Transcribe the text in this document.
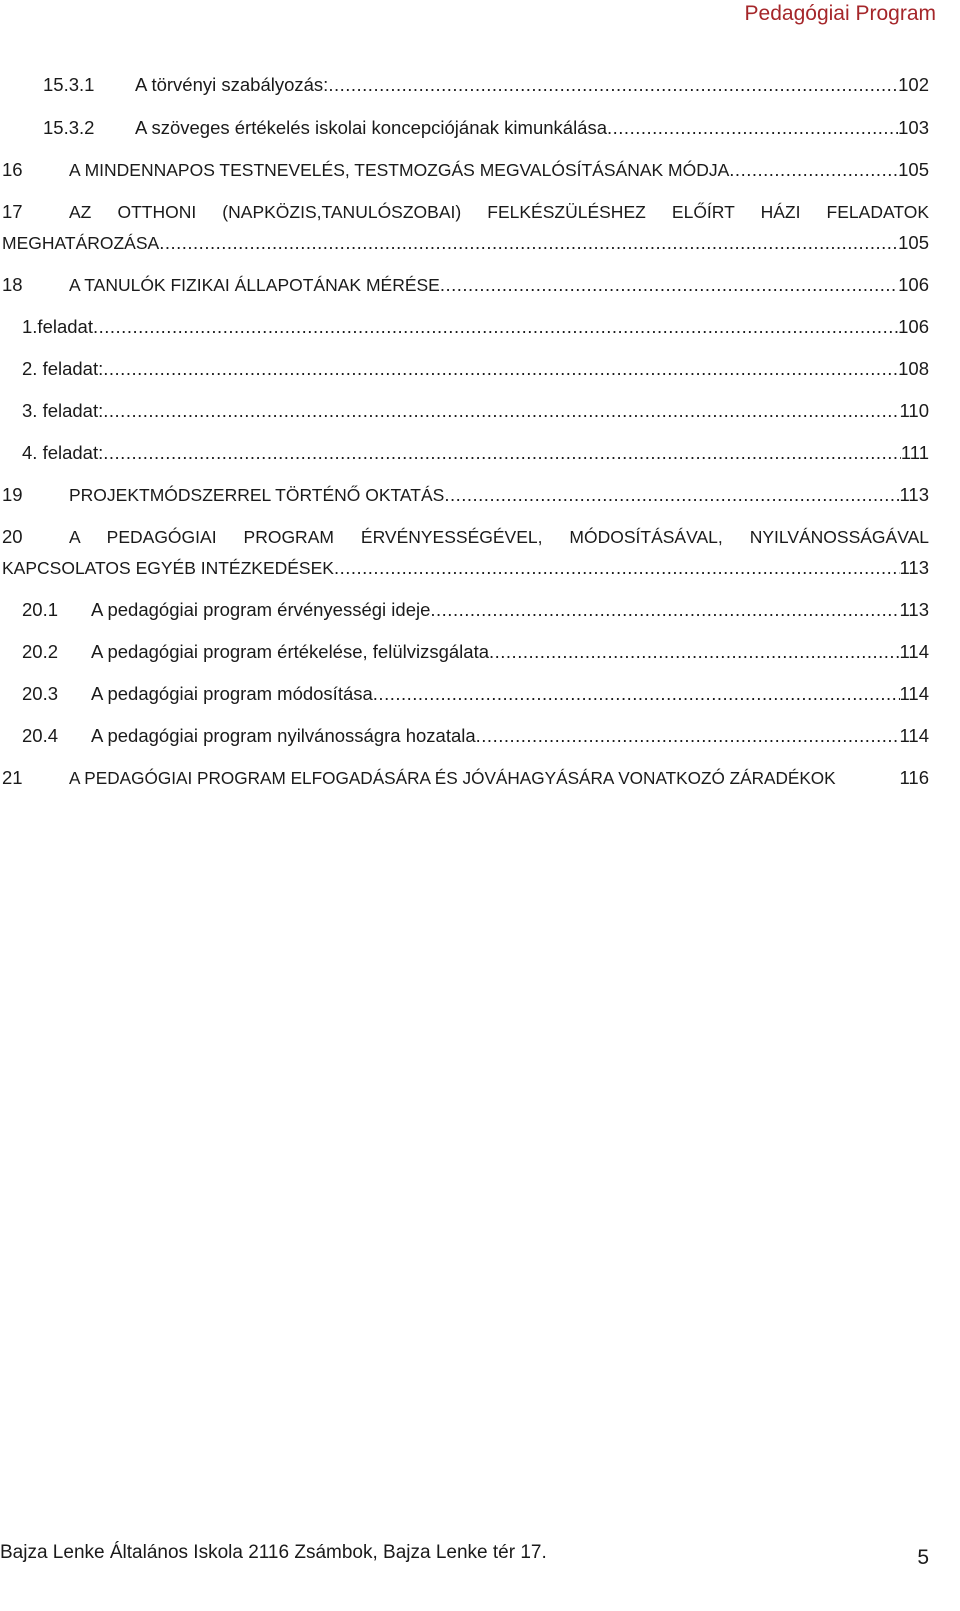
Pedagógiai Program
15.3.1	A törvényi szabályozás: .....	102
15.3.2	A szöveges értékelés iskolai koncepciójának kimunkálása .....	103
16	A MINDENNAPOS TESTNEVELÉS, TESTMOZGÁS MEGVALÓSÍTÁSÁNAK MÓDJA .....	105
17	AZ OTTHONI (NAPKÖZIS,TANULÓSZOBAI) FELKÉSZÜLÉSHEZ ELŐÍRT HÁZI FELADATOK
MEGHATÁROZÁSA .....	105
18	A TANULÓK FIZIKAI ÁLLAPOTÁNAK MÉRÉSE .....	106
1.feladat .....	106
2. feladat: .....	108
3. feladat: .....	110
4. feladat: .....	111
19	PROJEKTMÓDSZERREL TÖRTÉNŐ OKTATÁS .....	113
20	A PEDAGÓGIAI PROGRAM ÉRVÉNYESSÉGÉVEL, MÓDOSÍTÁSÁVAL, NYILVÁNOSSÁGÁVAL
KAPCSOLATOS EGYÉB INTÉZKEDÉSEK .....	113
20.1	A pedagógiai program érvényességi ideje .....	113
20.2	A pedagógiai program értékelése, felülvizsgálata .....	114
20.3	A pedagógiai program módosítása .....	114
20.4	A pedagógiai program nyilvánosságra hozatala .....	114
21	A PEDAGÓGIAI PROGRAM ELFOGADÁSÁRA ÉS JÓVÁHAGYÁSÁRA VONATKOZÓ ZÁRADÉKOK	116
Bajza Lenke Általános Iskola 2116 Zsámbok, Bajza Lenke tér 17.	5
